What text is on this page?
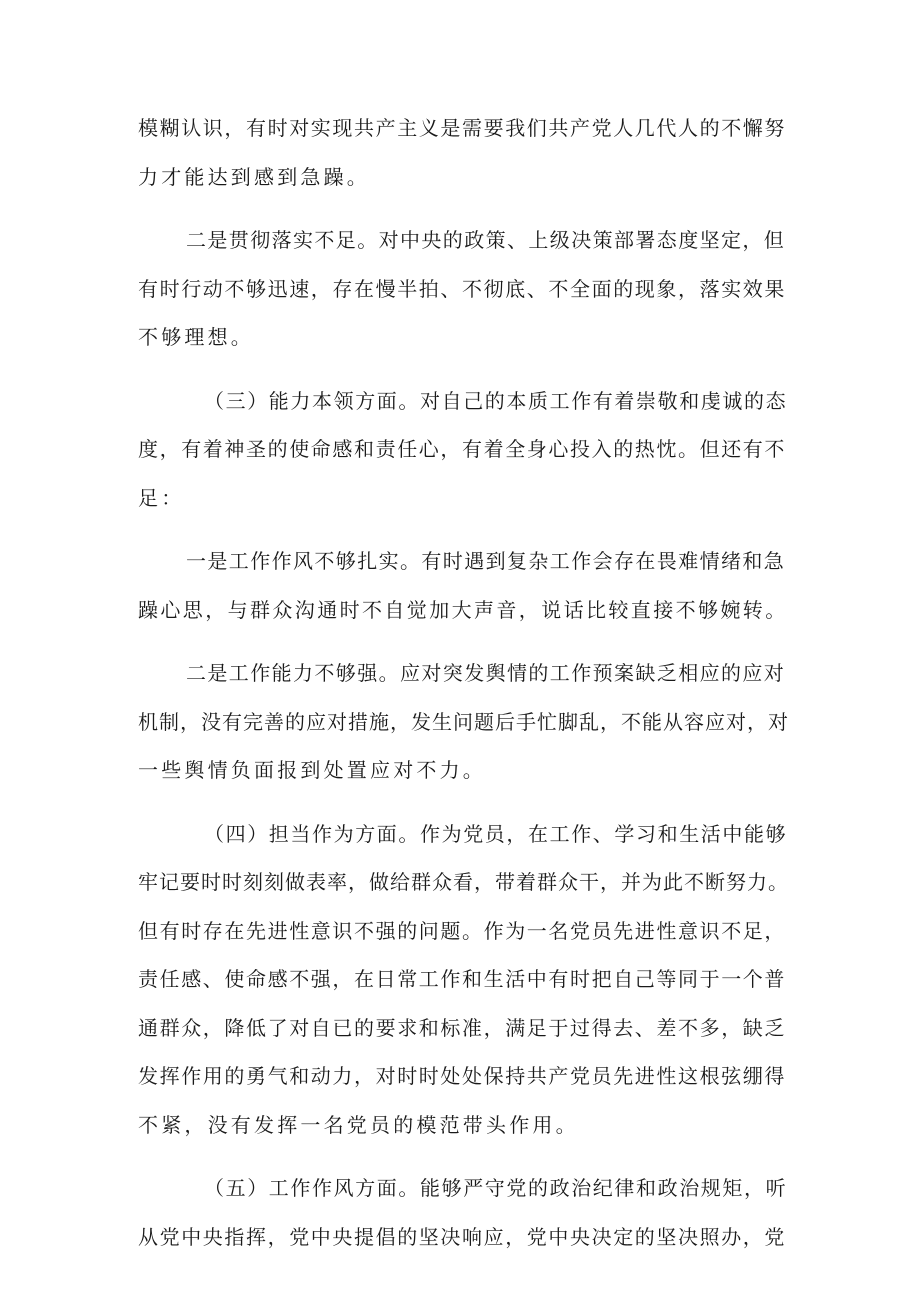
模糊认识，有时对实现共产主义是需要我们共产党人几代人的不懈努
力才能达到感到急躁。

二是贯彻落实不足。对中央的政策、上级决策部署态度坚定，但
有时行动不够迅速，存在慢半拍、不彻底、不全面的现象，落实效果
不够理想。

（三）能力本领方面。对自己的本质工作有着崇敬和虔诚的态
度，有着神圣的使命感和责任心，有着全身心投入的热忱。但还有不
足：

一是工作作风不够扎实。有时遇到复杂工作会存在畏难情绪和急
躁心思，与群众沟通时不自觉加大声音，说话比较直接不够婉转。

二是工作能力不够强。应对突发舆情的工作预案缺乏相应的应对
机制，没有完善的应对措施，发生问题后手忙脚乱，不能从容应对，对
一些舆情负面报到处置应对不力。

（四）担当作为方面。作为党员，在工作、学习和生活中能够
牢记要时时刻刻做表率，做给群众看，带着群众干，并为此不断努力。
但有时存在先进性意识不强的问题。作为一名党员先进性意识不足，
责任感、使命感不强，在日常工作和生活中有时把自己等同于一个普
通群众，降低了对自已的要求和标准，满足于过得去、差不多，缺乏
发挥作用的勇气和动力，对时时处处保持共产党员先进性这根弦绷得
不紧，没有发挥一名党员的模范带头作用。

（五）工作作风方面。能够严守党的政治纪律和政治规矩，听
从党中央指挥，党中央提倡的坚决响应，党中央决定的坚决照办，党
